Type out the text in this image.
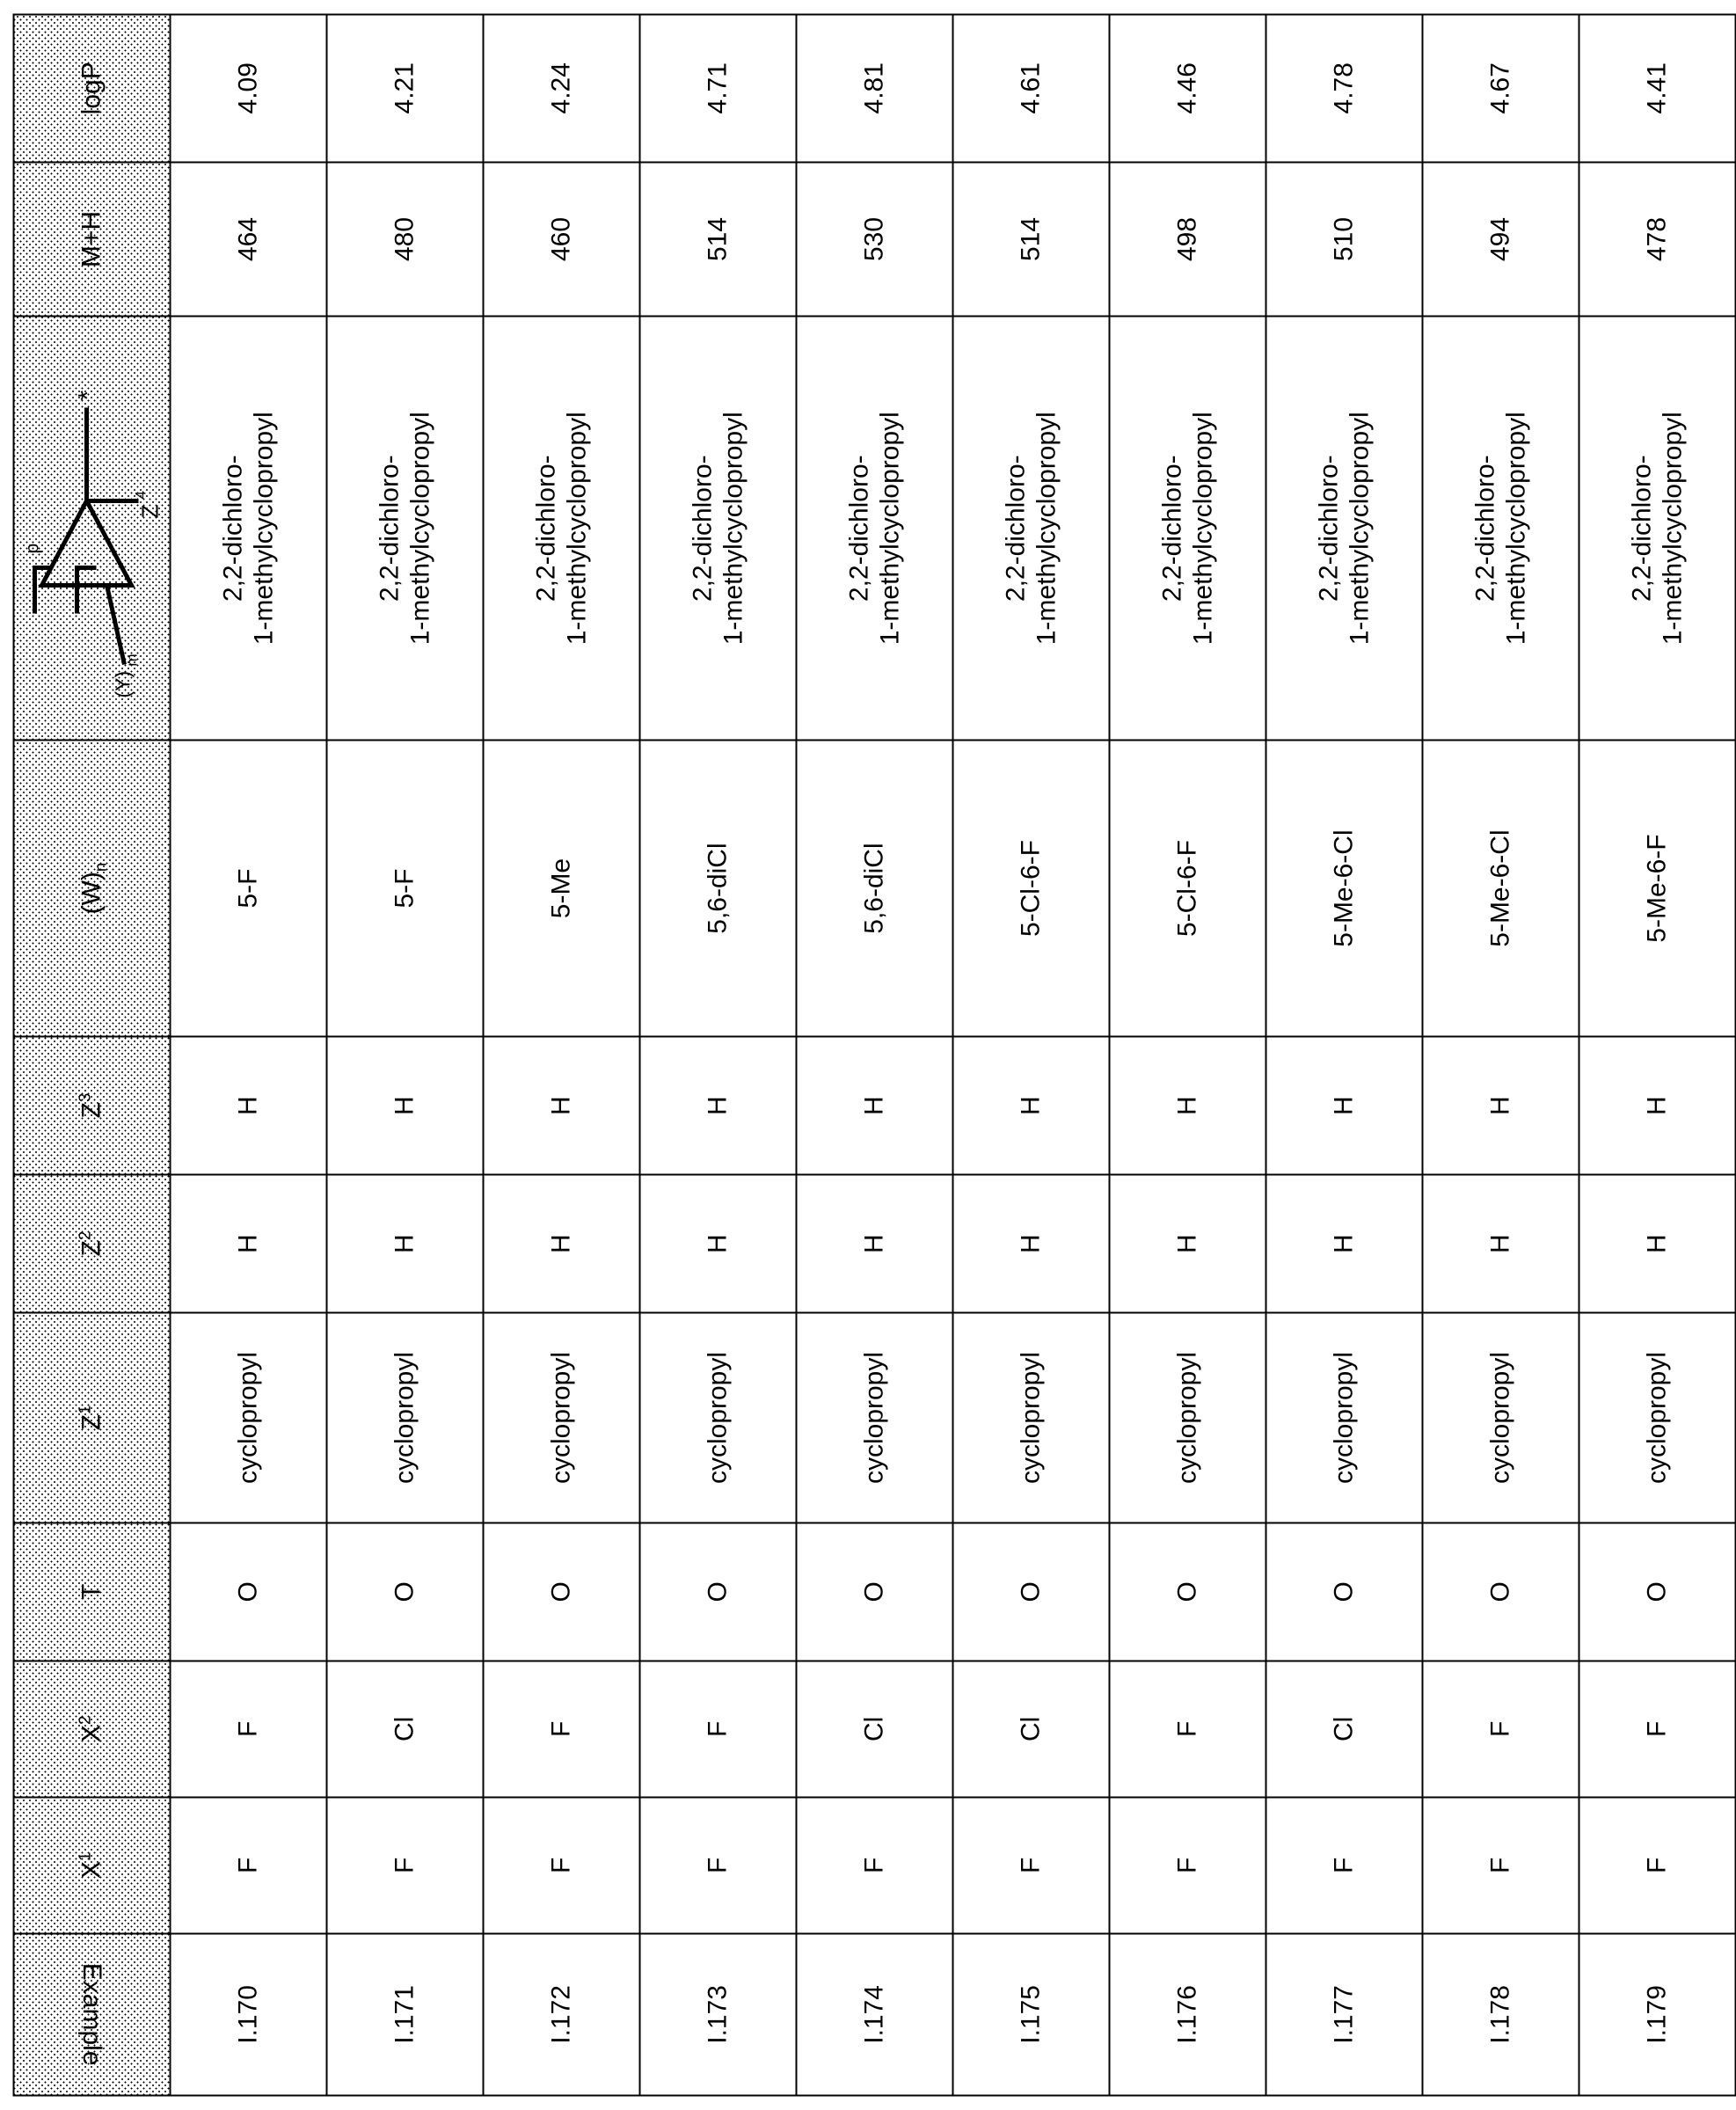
Example	$X^1$	$X^2$	T	$Z^1$	$Z^2$	$Z^3$	$(W)_n$	
p
(Y)
m
Z
4
*
	M+H	logP

I.170	F	F	O	cyclopropyl	H	H	5-F	2,2-dichloro-
1-methylcyclopropyl	464	4.09

I.171	F	Cl	O	cyclopropyl	H	H	5-F	2,2-dichloro-
1-methylcyclopropyl	480	4.21

I.172	F	F	O	cyclopropyl	H	H	5-Me	2,2-dichloro-
1-methylcyclopropyl	460	4.24

I.173	F	F	O	cyclopropyl	H	H	5,6-diCl	2,2-dichloro-
1-methylcyclopropyl	514	4.71

I.174	F	Cl	O	cyclopropyl	H	H	5,6-diCl	2,2-dichloro-
1-methylcyclopropyl	530	4.81

I.175	F	Cl	O	cyclopropyl	H	H	5-Cl-6-F	2,2-dichloro-
1-methylcyclopropyl	514	4.61

I.176	F	F	O	cyclopropyl	H	H	5-Cl-6-F	2,2-dichloro-
1-methylcyclopropyl	498	4.46

I.177	F	Cl	O	cyclopropyl	H	H	5-Me-6-Cl	2,2-dichloro-
1-methylcyclopropyl	510	4.78

I.178	F	F	O	cyclopropyl	H	H	5-Me-6-Cl	2,2-dichloro-
1-methylcyclopropyl	494	4.67

I.179	F	F	O	cyclopropyl	H	H	5-Me-6-F	2,2-dichloro-
1-methylcyclopropyl	478	4.41
